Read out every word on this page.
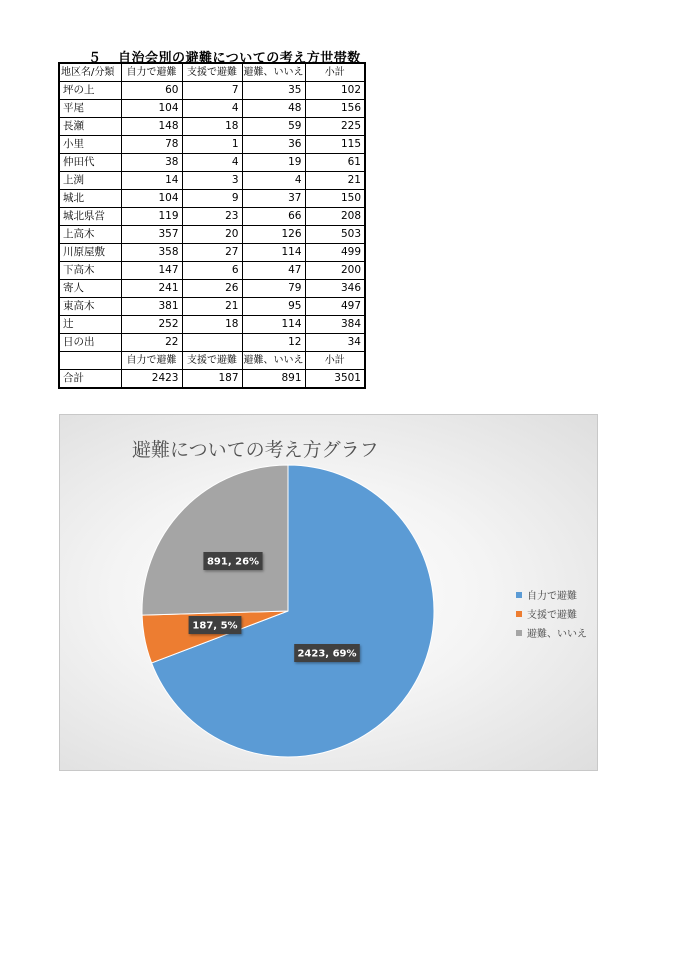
５ 自治会別の避難についての考え方世帯数
地区名/分類	自力で避難	支援で避難	避難、いいえ	小計
坪の上	60	7	35	102
平尾	104	4	48	156
長瀬	148	18	59	225
小里	78	1	36	115
仲田代	38	4	19	61
上渕	14	3	4	21
城北	104	9	37	150
城北県営	119	23	66	208
上高木	357	20	126	503
川原屋敷	358	27	114	499
下高木	147	6	47	200
寄人	241	26	79	346
東高木	381	21	95	497
辻	252	18	114	384
日の出	22		12	34
	自力で避難	支援で避難	避難、いいえ	小計
合計	2423	187	891	3501
避難についての考え方グラフ
2423, 69%
187, 5%
891, 26%
自力で避難
支援で避難
避難、いいえ
